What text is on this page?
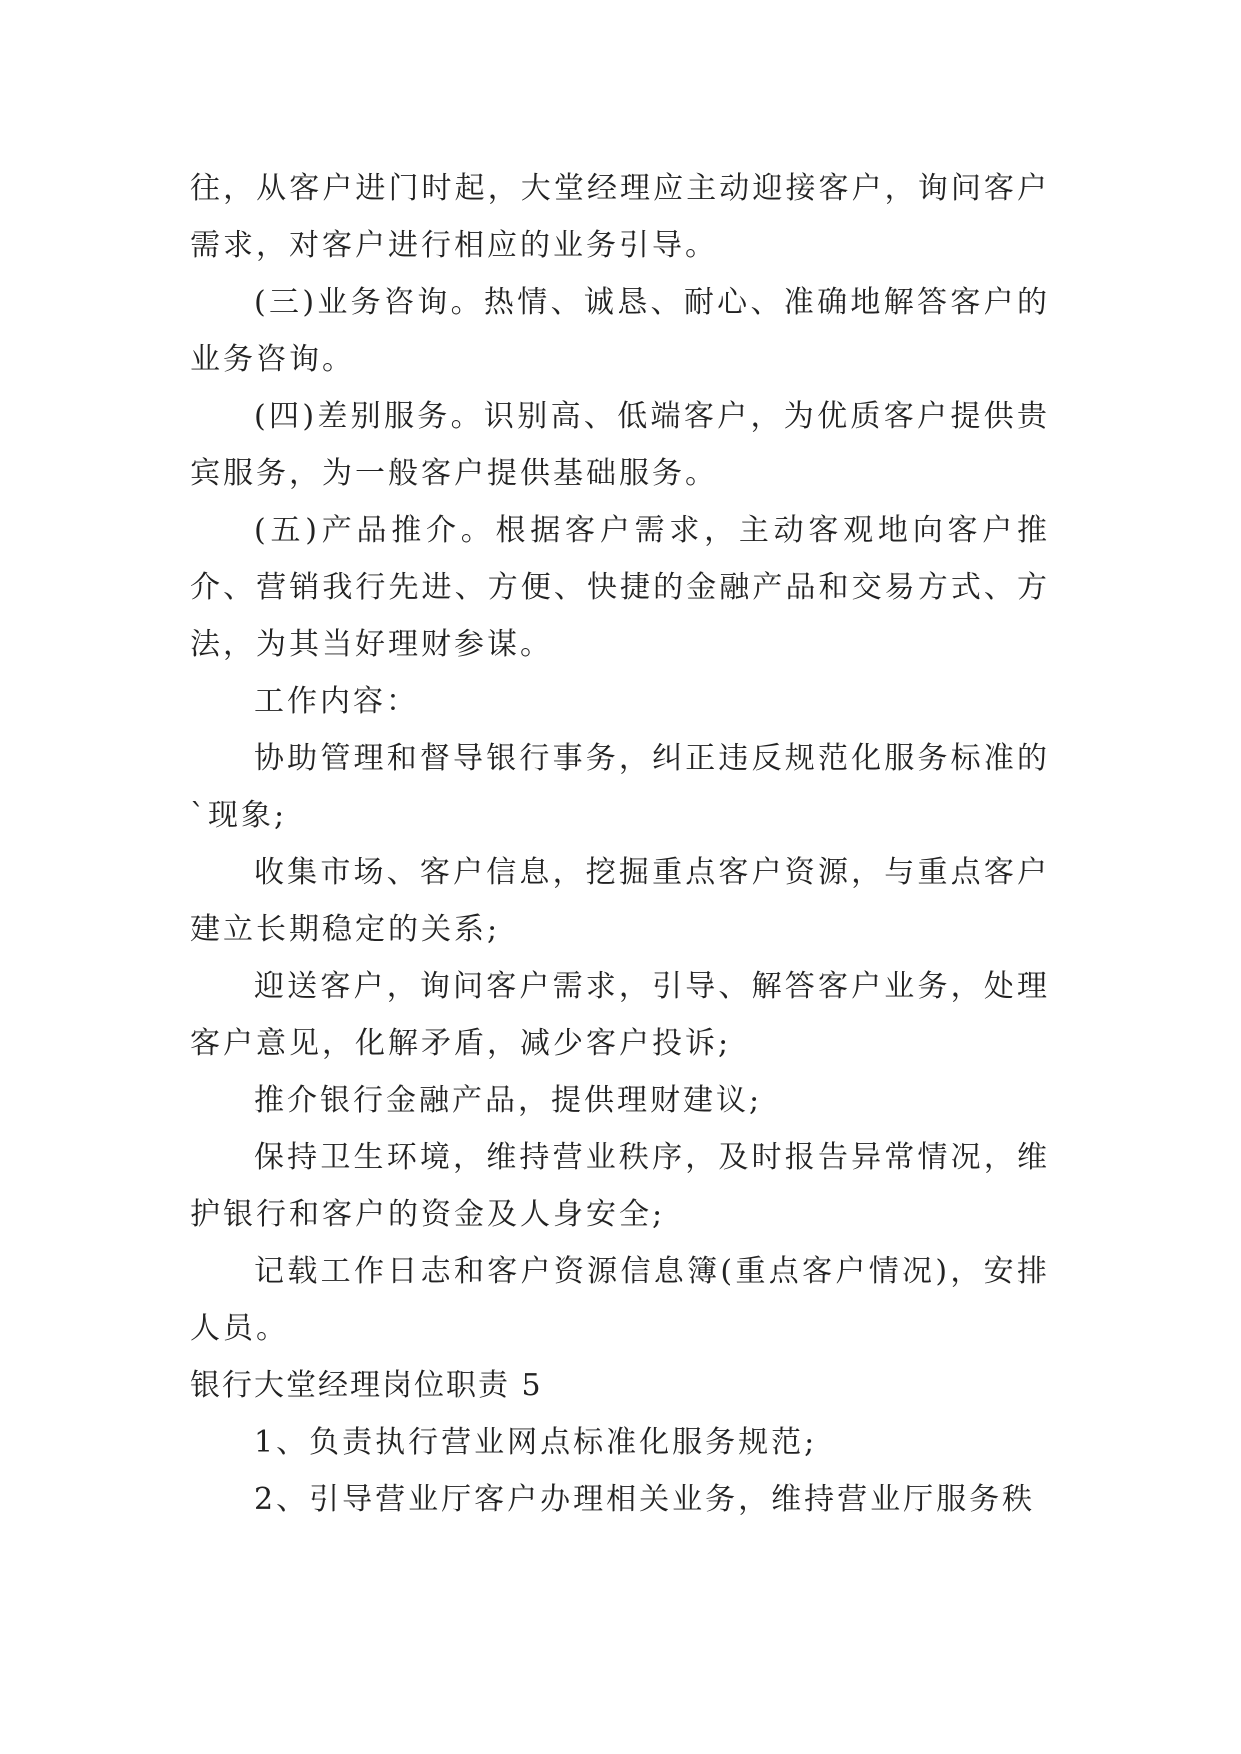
往，从客户进门时起，大堂经理应主动迎接客户，询问客户需求，对客户进行相应的业务引导。

(三)业务咨询。热情、诚恳、耐心、准确地解答客户的业务咨询。

(四)差别服务。识别高、低端客户，为优质客户提供贵宾服务，为一般客户提供基础服务。

(五)产品推介。根据客户需求，主动客观地向客户推介、营销我行先进、方便、快捷的金融产品和交易方式、方法，为其当好理财参谋。

工作内容：

协助管理和督导银行事务，纠正违反规范化服务标准的`现象;

收集市场、客户信息，挖掘重点客户资源，与重点客户建立长期稳定的关系;

迎送客户，询问客户需求，引导、解答客户业务，处理客户意见，化解矛盾，减少客户投诉;

推介银行金融产品，提供理财建议;

保持卫生环境，维持营业秩序，及时报告异常情况，维护银行和客户的资金及人身安全;

记载工作日志和客户资源信息簿(重点客户情况)，安排人员。

银行大堂经理岗位职责 5

1、负责执行营业网点标准化服务规范;

2、引导营业厅客户办理相关业务，维持营业厅服务秩
